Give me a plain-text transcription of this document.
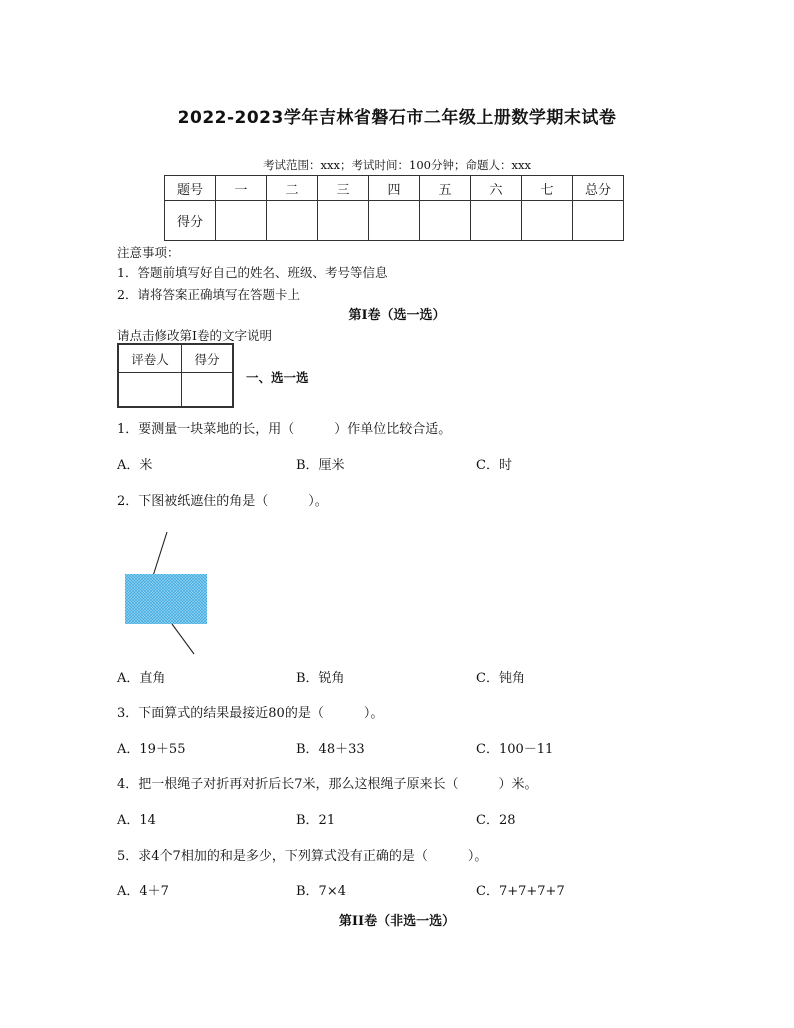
2022-2023学年吉林省磐石市二年级上册数学期末试卷
考试范围：xxx；考试时间：100分钟；命题人：xxx
题号	一	二	三	四	五	六	七	总分
得分								
注意事项：
1．答题前填写好自己的姓名、班级、考号等信息
2．请将答案正确填写在答题卡上
第I卷（选一选）
请点击修改第I卷的文字说明
评卷人	得分

一、选一选
1．要测量一块菜地的长，用（	）作单位比较合适。
A．米	B．厘米	C．时
2．下图被纸遮住的角是（	）。
A．直角	B．锐角	C．钝角
3．下面算式的结果最接近80的是（	）。
A．19＋55	B．48＋33	C．100－11
4．把一根绳子对折再对折后长7米，那么这根绳子原来长（	）米。
A．14	B．21	C．28
5．求4个7相加的和是多少，下列算式没有正确的是（	）。
A．4＋7	B．7×4	C．7+7+7+7
第II卷（非选一选）
